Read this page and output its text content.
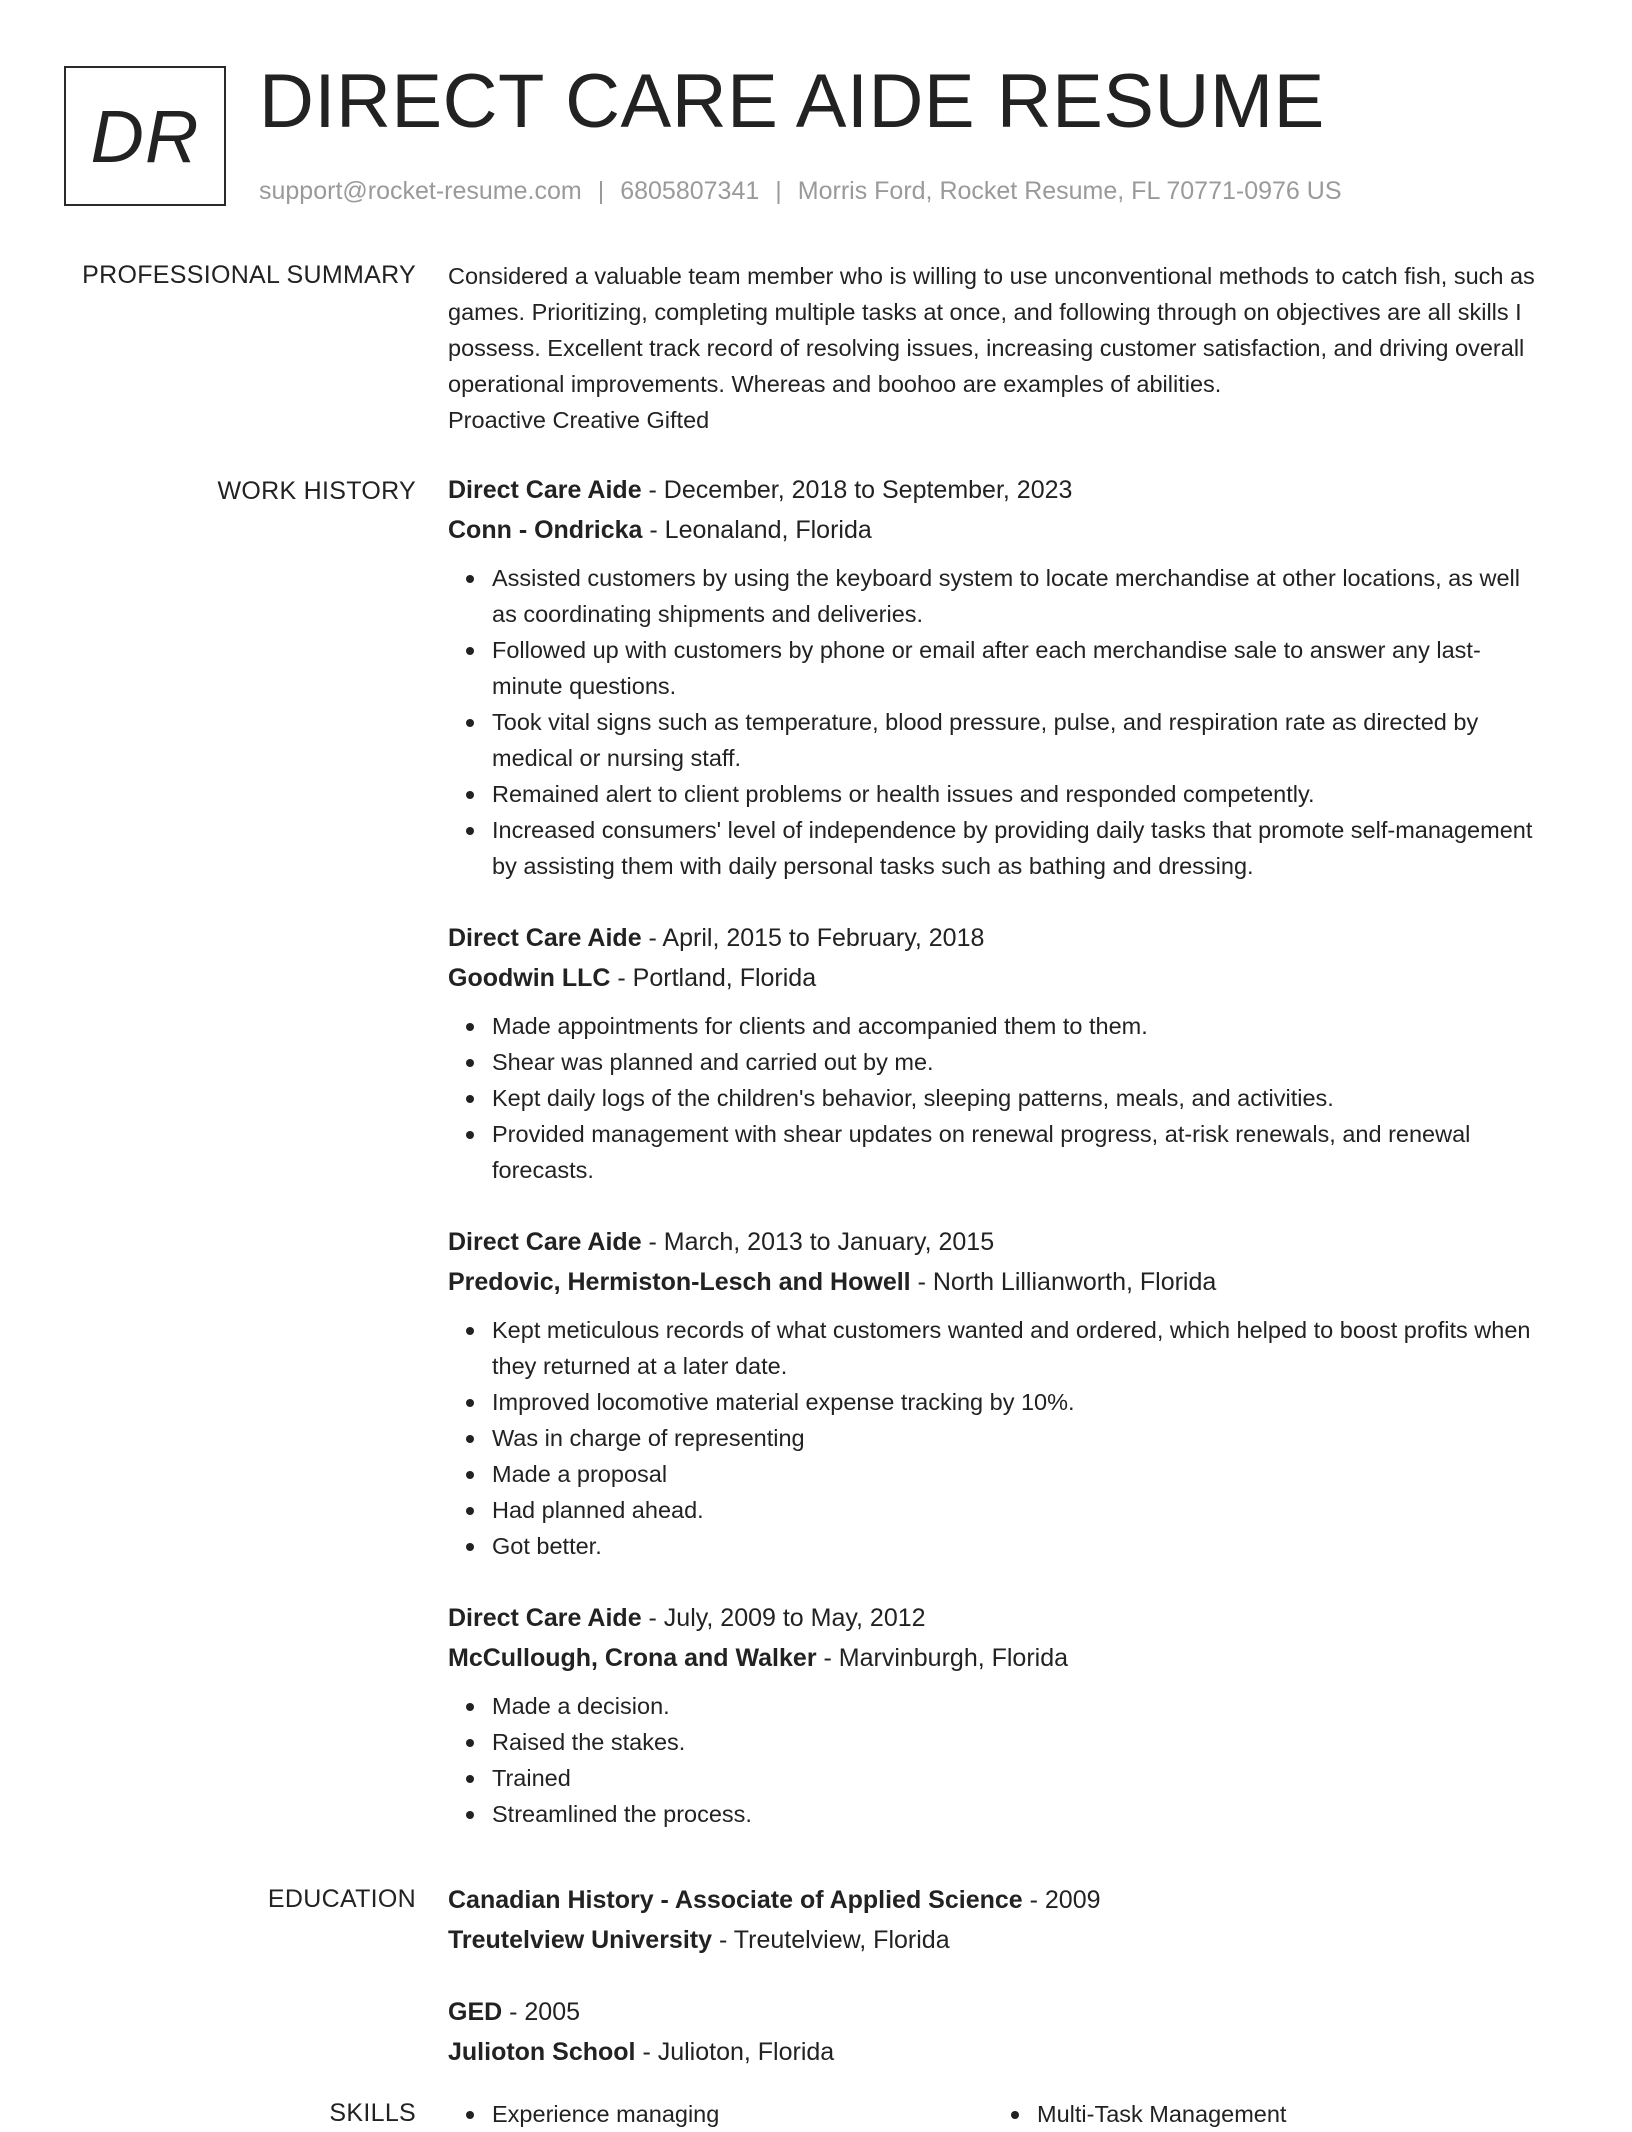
DR DIRECT CARE AIDE RESUME
support@rocket-resume.com | 6805807341 | Morris Ford, Rocket Resume, FL 70771-0976 US
PROFESSIONAL SUMMARY Considered a valuable team member who is willing to use unconventional methods to catch fish, such as games. Prioritizing, completing multiple tasks at once, and following through on objectives are all skills I possess. Excellent track record of resolving issues, increasing customer satisfaction, and driving overall operational improvements. Whereas and boohoo are examples of abilities.

Proactive Creative Gifted

WORK HISTORY Direct Care Aide - December, 2018 to September, 2023
Conn - Ondricka - Leonaland, Florida
Assisted customers by using the keyboard system to locate merchandise at other locations, as well as coordinating shipments and deliveries.
Followed up with customers by phone or email after each merchandise sale to answer any last-minute questions.
Took vital signs such as temperature, blood pressure, pulse, and respiration rate as directed by medical or nursing staff.
Remained alert to client problems or health issues and responded competently.
Increased consumers' level of independence by providing daily tasks that promote self-management by assisting them with daily personal tasks such as bathing and dressing.
Direct Care Aide - April, 2015 to February, 2018
Goodwin LLC - Portland, Florida
Made appointments for clients and accompanied them to them.
Shear was planned and carried out by me.
Kept daily logs of the children's behavior, sleeping patterns, meals, and activities.
Provided management with shear updates on renewal progress, at-risk renewals, and renewal forecasts.
Direct Care Aide - March, 2013 to January, 2015
Predovic, Hermiston-Lesch and Howell - North Lillianworth, Florida
Kept meticulous records of what customers wanted and ordered, which helped to boost profits when they returned at a later date.
Improved locomotive material expense tracking by 10%.
Was in charge of representing
Made a proposal
Had planned ahead.
Got better.
Direct Care Aide - July, 2009 to May, 2012
McCullough, Crona and Walker - Marvinburgh, Florida
Made a decision.
Raised the stakes.
Trained
Streamlined the process.
EDUCATION Canadian History - Associate of Applied Science - 2009
Treutelview University - Treutelview, Florida
GED - 2005
Julioton School - Julioton, Florida
SKILLS	Experience managing	Multi-Task Management
